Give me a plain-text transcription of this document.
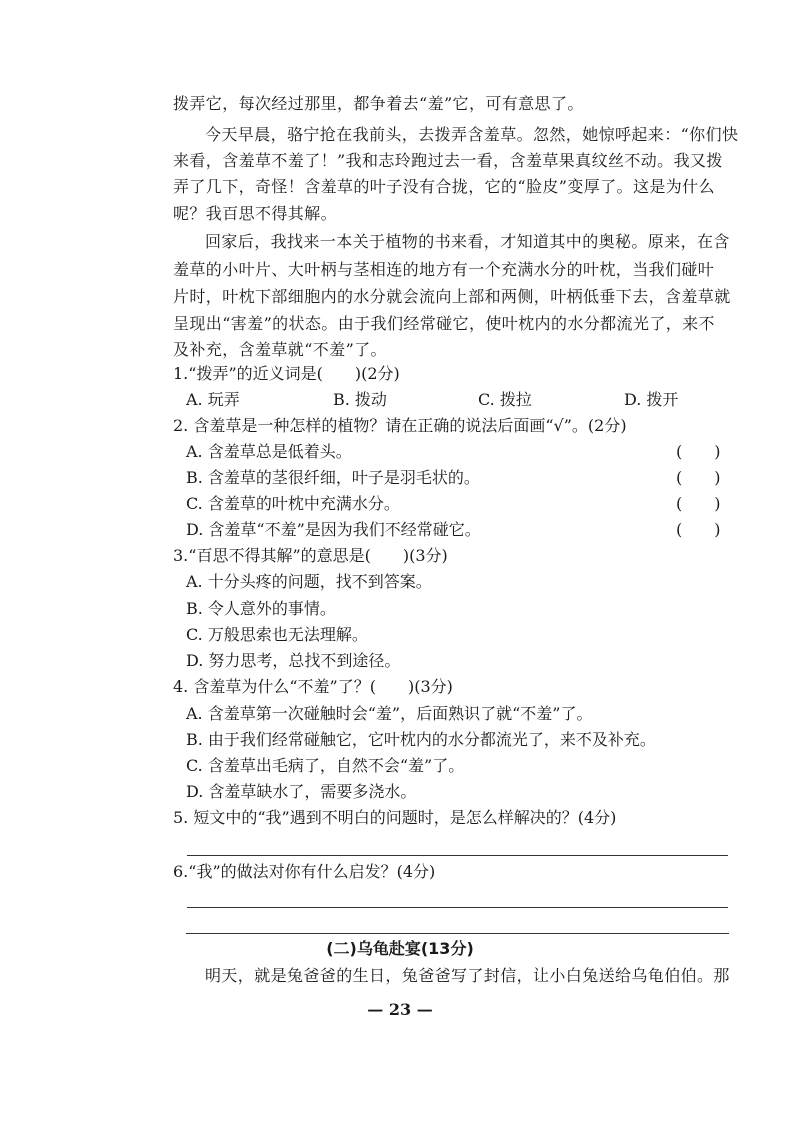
拨弄它，每次经过那里，都争着去“羞”它，可有意思了。
今天早晨，骆宁抢在我前头，去拨弄含羞草。忽然，她惊呼起来：“你们快
来看，含羞草不羞了！”我和志玲跑过去一看，含羞草果真纹丝不动。我又拨
弄了几下，奇怪！含羞草的叶子没有合拢，它的“脸皮”变厚了。这是为什么
呢？我百思不得其解。
回家后，我找来一本关于植物的书来看，才知道其中的奥秘。原来，在含
羞草的小叶片、大叶柄与茎相连的地方有一个充满水分的叶枕，当我们碰叶
片时，叶枕下部细胞内的水分就会流向上部和两侧，叶柄低垂下去，含羞草就
呈现出“害羞”的状态。由于我们经常碰它，使叶枕内的水分都流光了，来不
及补充，含羞草就“不羞”了。
1.“拨弄”的近义词是(　　)(2分)
A. 玩弄	B. 拨动	C. 拨拉	D. 拨开
2. 含羞草是一种怎样的植物？请在正确的说法后面画“√”。(2分)
A. 含羞草总是低着头。	(　　)
B. 含羞草的茎很纤细，叶子是羽毛状的。	(　　)
C. 含羞草的叶枕中充满水分。	(　　)
D. 含羞草“不羞”是因为我们不经常碰它。	(　　)
3.“百思不得其解”的意思是(　　)(3分)
A. 十分头疼的问题，找不到答案。
B. 令人意外的事情。
C. 万般思索也无法理解。
D. 努力思考，总找不到途径。
4. 含羞草为什么“不羞”了？(　　)(3分)
A. 含羞草第一次碰触时会“羞”，后面熟识了就“不羞”了。
B. 由于我们经常碰触它，它叶枕内的水分都流光了，来不及补充。
C. 含羞草出毛病了，自然不会“羞”了。
D. 含羞草缺水了，需要多浇水。
5. 短文中的“我”遇到不明白的问题时，是怎么样解决的？(4分)
6.“我”的做法对你有什么启发？(4分)
(二)乌龟赴宴(13分)
明天，就是兔爸爸的生日，兔爸爸写了封信，让小白兔送给乌龟伯伯。那
— 23 —
